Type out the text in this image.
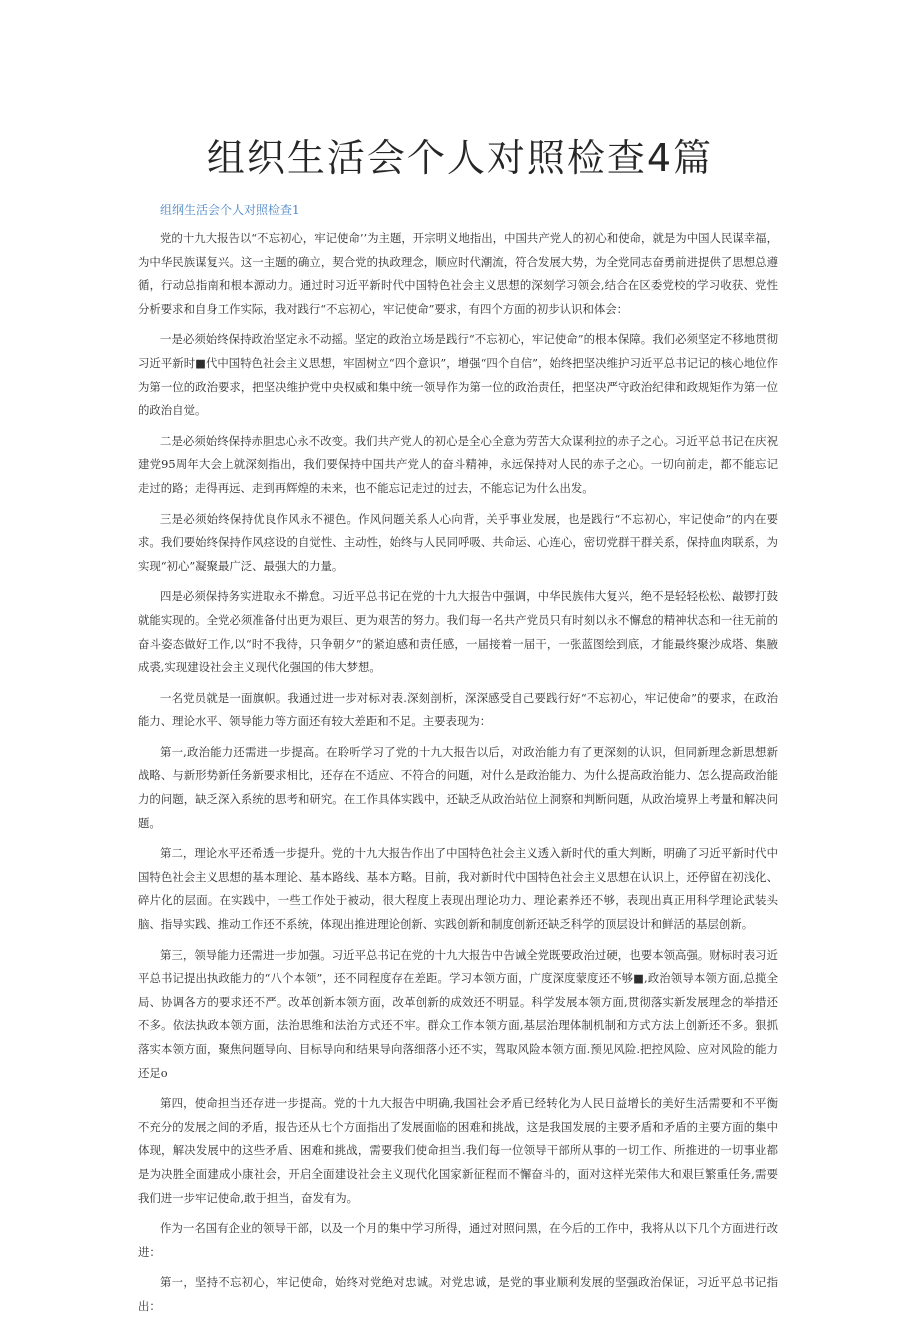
组织生活会个人对照检查4篇
组纲生活会个人对照检查1

党的十九大报告以“不忘初心，牢记使命’’为主题，开宗明义地指出，中国共产党人的初心和使命，就是为中国人民谋幸福，为中华民族谋复兴。这一主题的确立，契合党的执政理念，顺应时代潮流，符合发展大势，为全党同志奋勇前进提供了思想总遵循，行动总指南和根本源动力。通过时习近平新时代中国特色社会主义思想的深刻学习领会,结合在区委党校的学习收获、党性分析要求和自身工作实际，我对践行“不忘初心，牢记使命”要求，有四个方面的初步认识和体会：

一是必须始终保持政治坚定永不动摇。坚定的政治立场是践行“不忘初心，牢记使命”的根本保障。我们必须坚定不移地贯彻习近平新时■代中国特色社会主义思想，牢固树立“四个意识”，增强“四个自信”，始终把坚决维护习近平总书记记的核心地位作为第一位的政治要求，把坚决维护党中央权威和集中统一领导作为第一位的政治责任，把坚决严守政治纪律和政规矩作为第一位的政治自觉。

二是必须始终保持赤胆忠心永不改变。我们共产党人的初心是全心全意为劳苦大众谋利拉的赤子之心。习近平总书记在庆祝建党95周年大会上就深刻指出，我们要保持中国共产党人的奋斗精神，永远保持对人民的赤子之心。一切向前走，都不能忘记走过的路；走得再远、走到再辉煌的未来，也不能忘记走过的过去，不能忘记为什么出发。

三是必须始终保持优良作风永不褪色。作风问题关系人心向背，关乎事业发展，也是践行“不忘初心，牢记使命”的内在要求。我们要始终保持作风痉设的自觉性、主动性，始终与人民同呼吸、共命运、心连心，密切党群干群关系，保持血肉联系，为实现“初心”凝聚最广泛、最强大的力量。

四是必须保持务实进取永不擀怠。习近平总书记在党的十九大报告中强调，中华民族伟大复兴，绝不是轻轻松松、敲锣打鼓就能实现的。全党必须准备付出更为艰巨、更为艰苦的努力。我们每一名共产党员只有时刻以永不懈怠的精神状态和一往无前的奋斗姿态做好工作,以“时不我待，只争朝夕”的紧迫感和责任感，一届接着一届干，一张蓝图绘到底，才能最终聚沙成塔、集腋成裘,实现建设社会主义现代化强国的伟大梦想。

一名党员就是一面旗帜。我通过进一步对标对表.深刻剖析，深深感受自己要践行好“不忘初心，牢记使命”的要求，在政治能力、理论水平、领导能力等方面还有较大差距和不足。主要表现为：

第一,政治能力还需进一步提高。在聆听学习了党的十九大报告以后，对政治能力有了更深刻的认识，但同新理念新思想新战略、与新形势新任务新要求相比，还存在不适应、不符合的问题，对什么是政治能力、为什么提高政治能力、怎么提高政治能力的问题，缺乏深入系统的思考和研究。在工作具体实践中，还缺乏从政治站位上洞察和判断问题，从政治境界上考量和解决问题。

第二，理论水平还希透一步提升。党的十九大报告作出了中国特色社会主义透入新时代的重大判断，明确了习近平新时代中国特色社会主义思想的基本理论、基本路线、基本方略。目前，我对新时代中国特色社会主义思想在认识上，还停留在初浅化、碎片化的层面。在实践中，一些工作处于被动，很大程度上表现出理论功力、理论素养还不够，表现出真正用科学理论武装头脑、指导实践、推动工作还不系统，体现出推进理论创新、实践创新和制度创新还缺乏科学的顶层设计和鲜活的基层创新。

第三，领导能力还需进一步加强。习近平总书记在党的十九大报告中告诫全党既要政治过硬，也要本领高强。财标时表习近平总书记提出执政能力的“八个本领”，还不同程度存在差距。学习本领方面，广度深度蒙度还不够■,政治领导本领方面,总揽全局、协调各方的要求还不严。改革创新本领方面，改革创新的成效还不明显。科学发展本领方面,贯彻落实新发展理念的举措还不多。依法执政本领方面，法治思维和法治方式还不牢。群众工作本领方面,基层治理体制机制和方式方法上创新还不多。狠抓落实本领方面，聚焦问题导向、目标导向和结果导向落细落小还不实，驾取风险本领方面.预见风险.把控风险、应对风险的能力还足o

第四，使命担当还存进一步提高。党的十九大报告中明确,我国社会矛盾已经转化为人民日益增长的美好生活需要和不平衡不充分的发展之间的矛盾，报告还从七个方面指出了发展面临的困难和挑战，这是我国发展的主要矛盾和矛盾的主要方面的集中体现，解决发展中的这些矛盾、困难和挑战，需要我们使命担当.我们每一位领导干部所从事的一切工作、所推进的一切事业都是为决胜全面建成小康社会，开启全面建设社会主义现代化国家新征程而不懈奋斗的，面对这样光荣伟大和艰巨繁重任务,需要我们进一步牢记使命,敢于担当，奋发有为。

作为一名国有企业的领导干部，以及一个月的集中学习所得，通过对照问黑，在今后的工作中，我将从以下几个方面进行改进：

第一，坚持不忘初心，牢记使命，始终对党绝对忠诚。对党忠诚，是党的事业顺利发展的坚强政治保证，习近平总书记指出：
